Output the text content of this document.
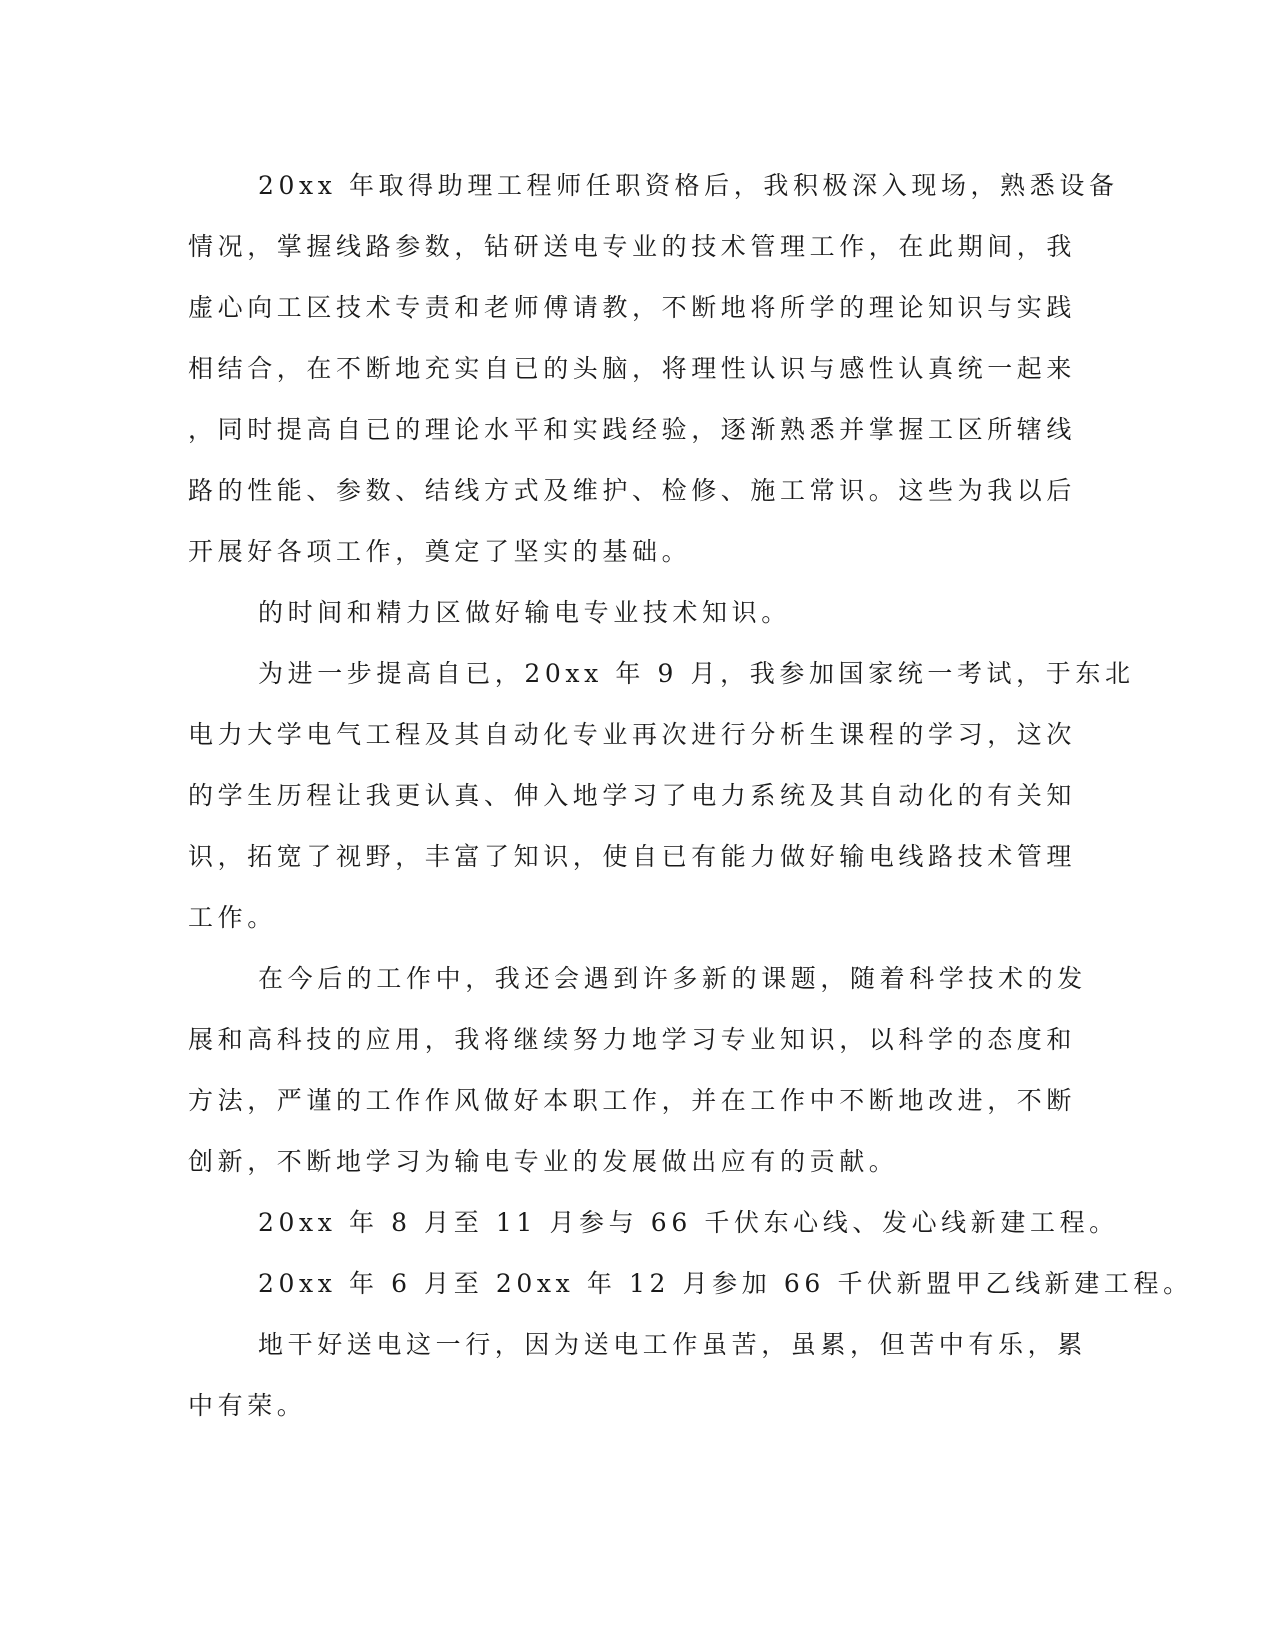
20xx 年取得助理工程师任职资格后，我积极深入现场，熟悉设备
情况，掌握线路参数，钻研送电专业的技术管理工作，在此期间，我
虚心向工区技术专责和老师傅请教，不断地将所学的理论知识与实践
相结合，在不断地充实自已的头脑，将理性认识与感性认真统一起来
，同时提高自已的理论水平和实践经验，逐渐熟悉并掌握工区所辖线
路的性能、参数、结线方式及维护、检修、施工常识。这些为我以后
开展好各项工作，奠定了坚实的基础。
的时间和精力区做好输电专业技术知识。
为进一步提高自已，20xx 年 9 月，我参加国家统一考试，于东北
电力大学电气工程及其自动化专业再次进行分析生课程的学习，这次
的学生历程让我更认真、伸入地学习了电力系统及其自动化的有关知
识，拓宽了视野，丰富了知识，使自已有能力做好输电线路技术管理
工作。
在今后的工作中，我还会遇到许多新的课题，随着科学技术的发
展和高科技的应用，我将继续努力地学习专业知识，以科学的态度和
方法，严谨的工作作风做好本职工作，并在工作中不断地改进，不断
创新，不断地学习为输电专业的发展做出应有的贡献。
20xx 年 8 月至 11 月参与 66 千伏东心线、发心线新建工程。
20xx 年 6 月至 20xx 年 12 月参加 66 千伏新盟甲乙线新建工程。
地干好送电这一行，因为送电工作虽苦，虽累，但苦中有乐，累
中有荣。
